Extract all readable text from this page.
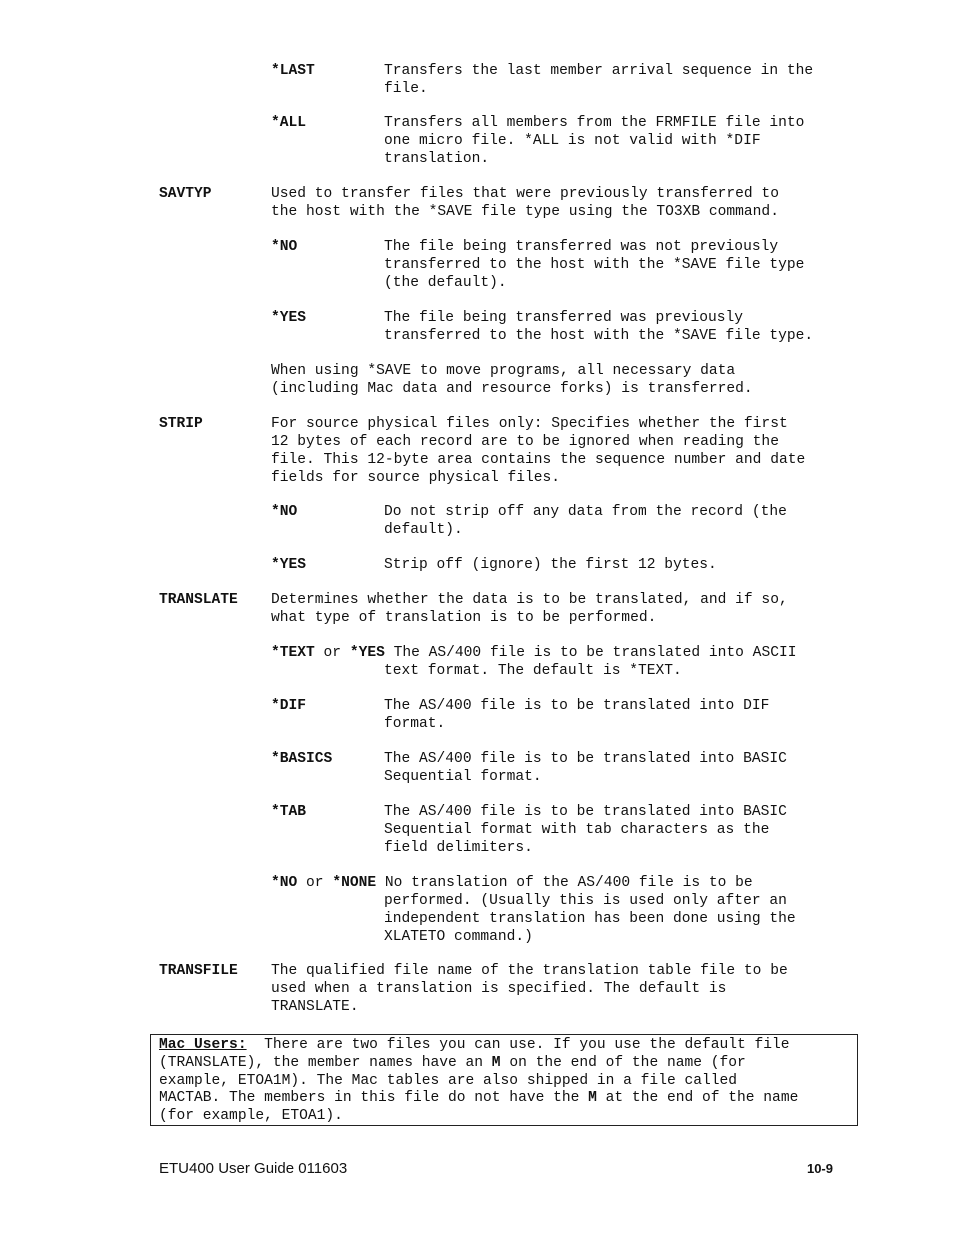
*LAST	Transfers the last member arrival sequence in the
file.
*ALL	Transfers all members from the FRMFILE file into
one micro file. *ALL is not valid with *DIF
translation.
SAVTYP	Used to transfer files that were previously transferred to
the host with the *SAVE file type using the TO3XB command.
*NO	The file being transferred was not previously
transferred to the host with the *SAVE file type
(the default).
*YES	The file being transferred was previously
transferred to the host with the *SAVE file type.
When using *SAVE to move programs, all necessary data
(including Mac data and resource forks) is transferred.
STRIP	For source physical files only: Specifies whether the first
12 bytes of each record are to be ignored when reading the
file. This 12-byte area contains the sequence number and date
fields for source physical files.
*NO	Do not strip off any data from the record (the
default).
*YES	Strip off (ignore) the first 12 bytes.
TRANSLATE Determines whether the data is to be translated, and if so,
what type of translation is to be performed.
*TEXT or *YES The AS/400 file is to be translated into ASCII
text format. The default is *TEXT.
*DIF	The AS/400 file is to be translated into DIF
format.
*BASICS	The AS/400 file is to be translated into BASIC
Sequential format.
*TAB	The AS/400 file is to be translated into BASIC
Sequential format with tab characters as the
field delimiters.
*NO or *NONE No translation of the AS/400 file is to be
performed. (Usually this is used only after an
independent translation has been done using the
XLATETO command.)
TRANSFILE The qualified file name of the translation table file to be
used when a translation is specified. The default is
TRANSLATE.
Mac Users:  There are two files you can use. If you use the default file
(TRANSLATE), the member names have an M on the end of the name (for
example, ETOA1M). The Mac tables are also shipped in a file called
MACTAB. The members in this file do not have the M at the end of the name
(for example, ETOA1).
ETU400 User Guide 011603	10-9
